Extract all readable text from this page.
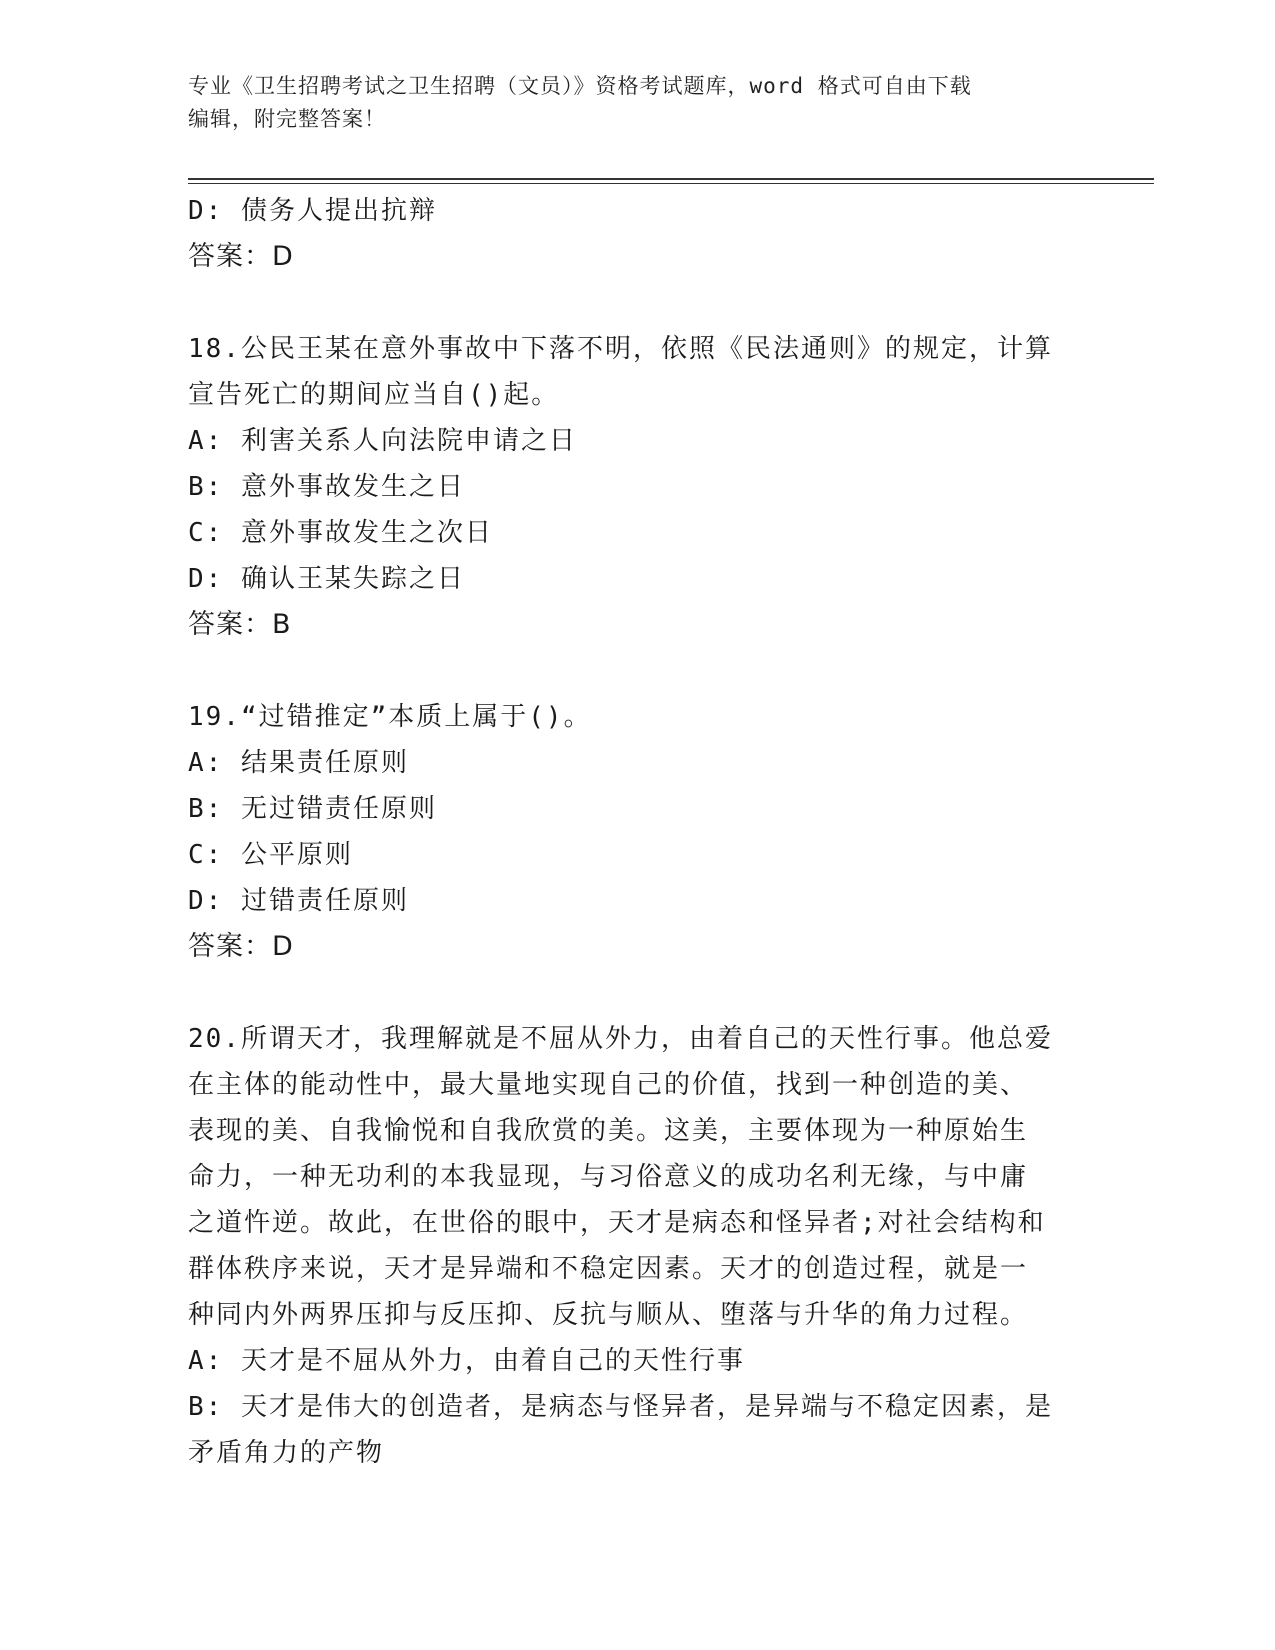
专业《卫生招聘考试之卫生招聘（文员）》资格考试题库，word 格式可自由下载
编辑，附完整答案！
D: 债务人提出抗辩
答案：D
18.公民王某在意外事故中下落不明，依照《民法通则》的规定，计算
宣告死亡的期间应当自()起。
A: 利害关系人向法院申请之日
B: 意外事故发生之日
C: 意外事故发生之次日
D: 确认王某失踪之日
答案：B
19.“过错推定”本质上属于()。
A: 结果责任原则
B: 无过错责任原则
C: 公平原则
D: 过错责任原则
答案：D
20.所谓天才，我理解就是不屈从外力，由着自己的天性行事。他总爱
在主体的能动性中，最大量地实现自己的价值，找到一种创造的美、
表现的美、自我愉悦和自我欣赏的美。这美，主要体现为一种原始生
命力，一种无功利的本我显现，与习俗意义的成功名利无缘，与中庸
之道忤逆。故此，在世俗的眼中，天才是病态和怪异者;对社会结构和
群体秩序来说，天才是异端和不稳定因素。天才的创造过程，就是一
种同内外两界压抑与反压抑、反抗与顺从、堕落与升华的角力过程。
A: 天才是不屈从外力，由着自己的天性行事
B: 天才是伟大的创造者，是病态与怪异者，是异端与不稳定因素，是
矛盾角力的产物
